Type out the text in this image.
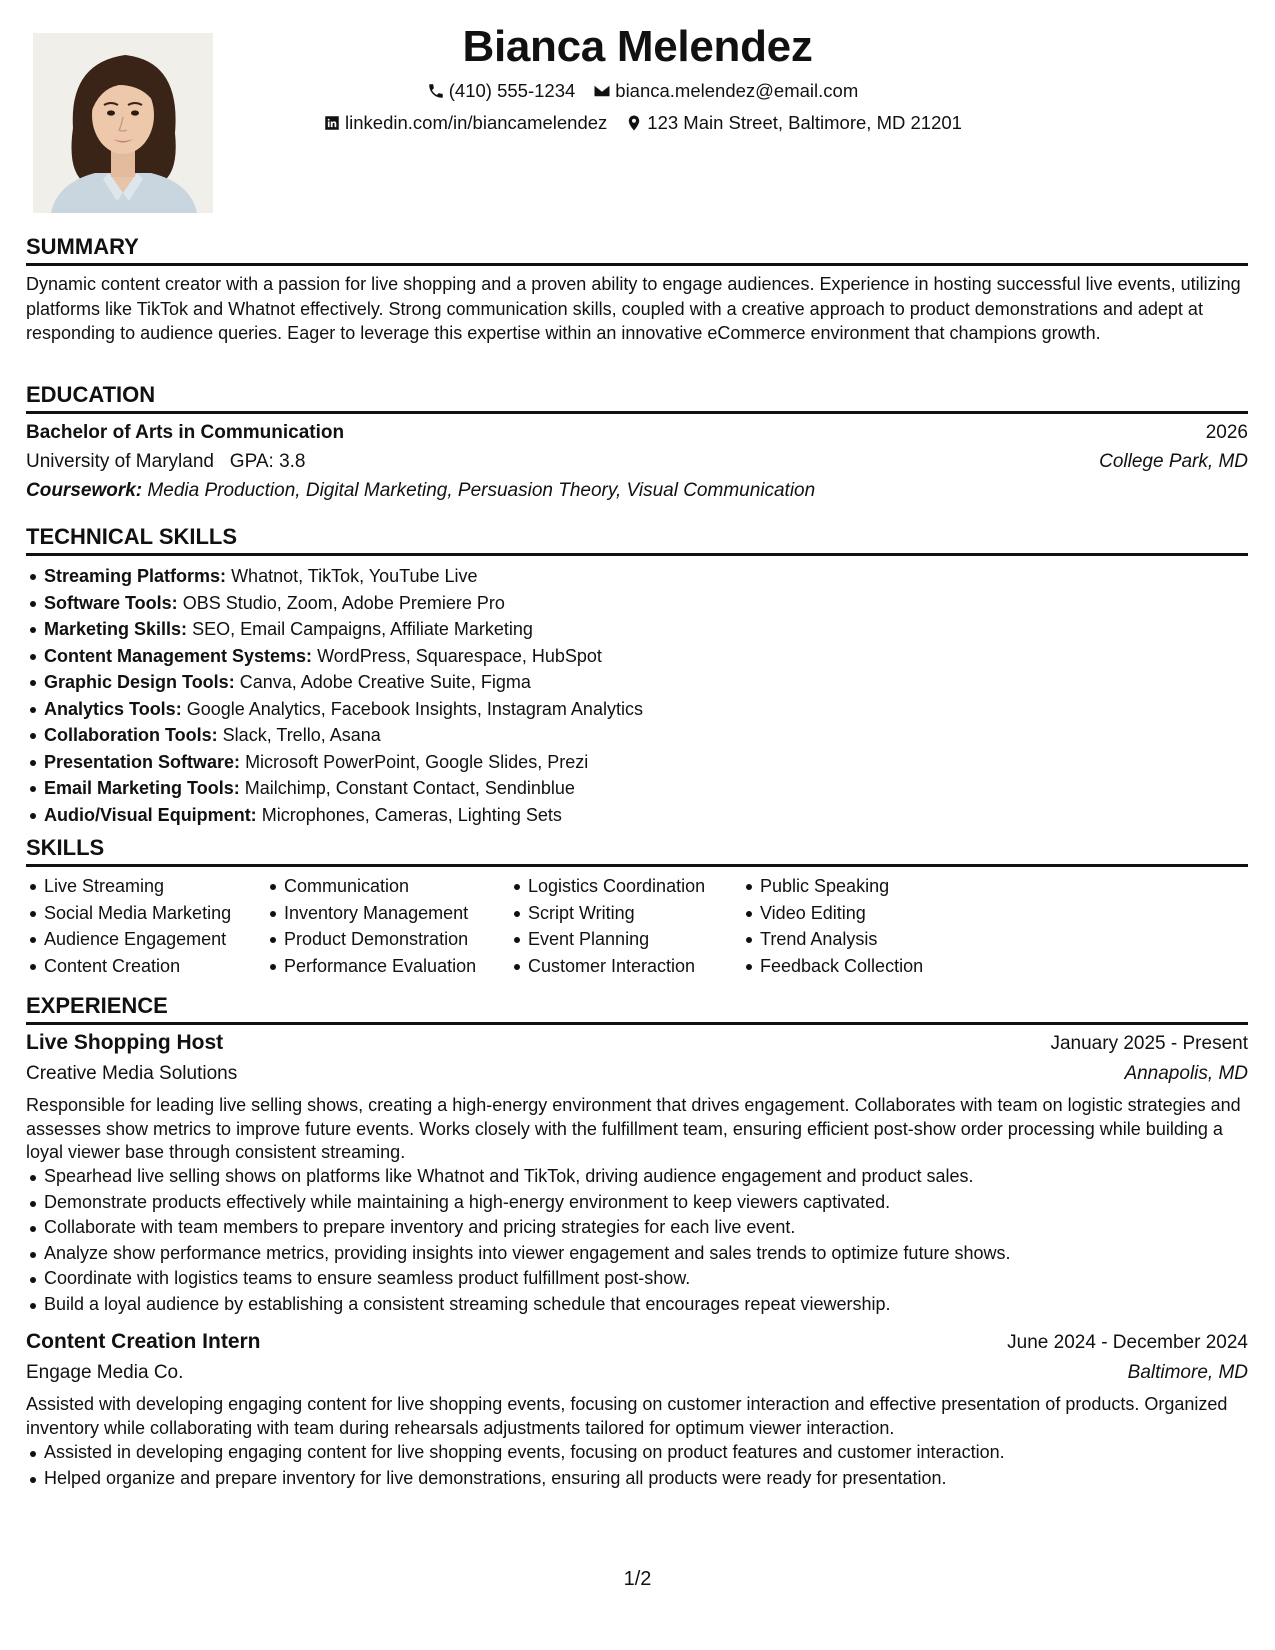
Bianca Melendez
(410) 555-1234 bianca.melendez@email.com
linkedin.com/in/biancamelendez 123 Main Street, Baltimore, MD 21201
SUMMARY
Dynamic content creator with a passion for live shopping and a proven ability to engage audiences. Experience in hosting successful live events, utilizing platforms like TikTok and Whatnot effectively. Strong communication skills, coupled with a creative approach to product demonstrations and adept at responding to audience queries. Eager to leverage this expertise within an innovative eCommerce environment that champions growth.
EDUCATION
Bachelor of Arts in Communication	2026
University of Maryland GPA: 3.8	College Park, MD
Coursework: Media Production, Digital Marketing, Persuasion Theory, Visual Communication
TECHNICAL SKILLS
Streaming Platforms: Whatnot, TikTok, YouTube Live
Software Tools: OBS Studio, Zoom, Adobe Premiere Pro
Marketing Skills: SEO, Email Campaigns, Affiliate Marketing
Content Management Systems: WordPress, Squarespace, HubSpot
Graphic Design Tools: Canva, Adobe Creative Suite, Figma
Analytics Tools: Google Analytics, Facebook Insights, Instagram Analytics
Collaboration Tools: Slack, Trello, Asana
Presentation Software: Microsoft PowerPoint, Google Slides, Prezi
Email Marketing Tools: Mailchimp, Constant Contact, Sendinblue
Audio/Visual Equipment: Microphones, Cameras, Lighting Sets
SKILLS
Live Streaming
Social Media Marketing
Audience Engagement
Content Creation
Communication
Inventory Management
Product Demonstration
Performance Evaluation
Logistics Coordination
Script Writing
Event Planning
Customer Interaction
Public Speaking
Video Editing
Trend Analysis
Feedback Collection
EXPERIENCE
Live Shopping Host	January 2025 - Present
Creative Media Solutions	Annapolis, MD
Responsible for leading live selling shows, creating a high-energy environment that drives engagement. Collaborates with team on logistic strategies and assesses show metrics to improve future events. Works closely with the fulfillment team, ensuring efficient post-show order processing while building a loyal viewer base through consistent streaming.
Spearhead live selling shows on platforms like Whatnot and TikTok, driving audience engagement and product sales.
Demonstrate products effectively while maintaining a high-energy environment to keep viewers captivated.
Collaborate with team members to prepare inventory and pricing strategies for each live event.
Analyze show performance metrics, providing insights into viewer engagement and sales trends to optimize future shows.
Coordinate with logistics teams to ensure seamless product fulfillment post-show.
Build a loyal audience by establishing a consistent streaming schedule that encourages repeat viewership.
Content Creation Intern	June 2024 - December 2024
Engage Media Co.	Baltimore, MD
Assisted with developing engaging content for live shopping events, focusing on customer interaction and effective presentation of products. Organized inventory while collaborating with team during rehearsals adjustments tailored for optimum viewer interaction.
Assisted in developing engaging content for live shopping events, focusing on product features and customer interaction.
Helped organize and prepare inventory for live demonstrations, ensuring all products were ready for presentation.
1/2
